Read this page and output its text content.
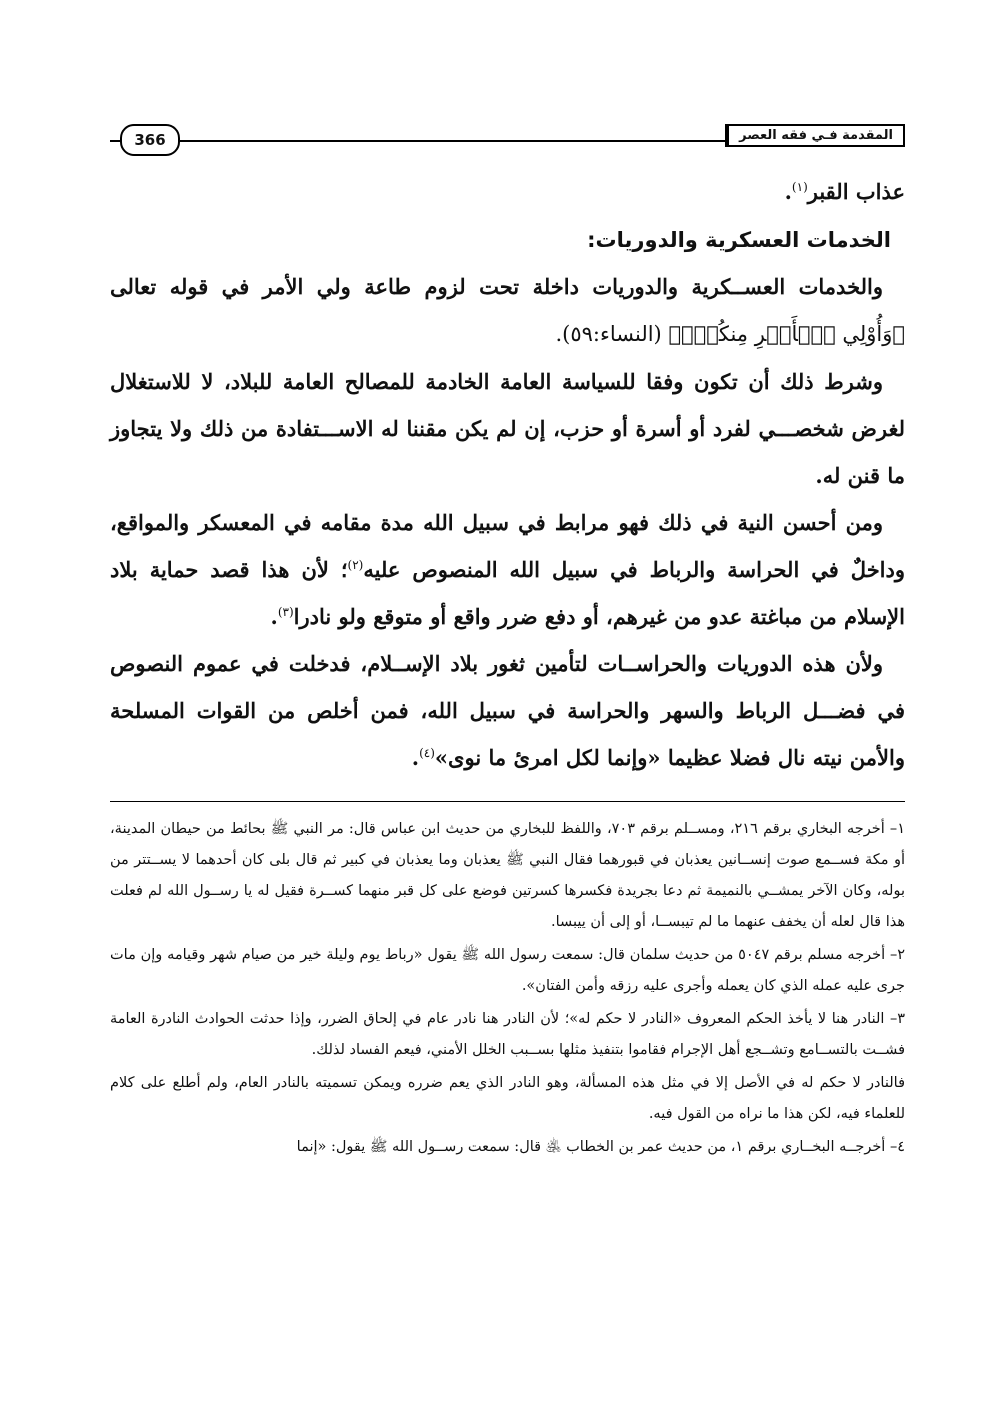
المقدمة فـي فقه العصر
366

عذاب القبر$^{(١)}$.

الخدمات العسكرية والدوريات:

والخدمات العســكرية والدوريات داخلة تحت لزوم طاعة ولي الأمر في قوله تعالى ﴿وَأُوْلِي ٱلۡأَمۡرِ مِنكُمۡۖ﴾ (النساء:٥٩).

وشرط ذلك أن تكون وفقا للسياسة العامة الخادمة للمصالح العامة للبلاد، لا للاستغلال لغرض شخصـــي لفرد أو أسرة أو حزب، إن لم يكن مقننا له الاســـتفادة من ذلك ولا يتجاوز ما قنن له.

ومن أحسن النية في ذلك فهو مرابط في سبيل الله مدة مقامه في المعسكر والمواقع، وداخلٌ في الحراسة والرباط في سبيل الله المنصوص عليه$^{(٢)}$؛ لأن هذا قصد حماية بلاد الإسلام من مباغتة عدو من غيرهم، أو دفع ضرر واقع أو متوقع ولو نادرا$^{(٣)}$.

ولأن هذه الدوريات والحراســات لتأمين ثغور بلاد الإســلام، فدخلت في عموم النصوص في فضـــل الرباط والسهر والحراسة في سبيل الله، فمن أخلص من القوات المسلحة والأمن نيته نال فضلا عظيما «وإنما لكل امرئ ما نوى»$^{(٤)}$.

١– أخرجه البخاري برقم ٢١٦، ومســلم برقم ٧٠٣، واللفظ للبخاري من حديث ابن عباس قال: مر النبي ﷺ بحائط من حيطان المدينة، أو مكة فســمع صوت إنســانين يعذبان في قبورهما فقال النبي ﷺ يعذبان وما يعذبان في كبير ثم قال بلى كان أحدهما لا يســتتر من بوله، وكان الآخر يمشــي بالنميمة ثم دعا بجريدة فكسرها كسرتين فوضع على كل قبر منهما كســرة فقيل له يا رســول الله لم فعلت هذا قال لعله أن يخفف عنهما ما لم تيبســا، أو إلى أن ييبسا.

٢– أخرجه مسلم برقم ٥٠٤٧ من حديث سلمان قال: سمعت رسول الله ﷺ يقول «رباط يوم وليلة خير من صيام شهر وقيامه وإن مات جرى عليه عمله الذي كان يعمله وأجرى عليه رزقه وأمن الفتان».

٣– النادر هنا لا يأخذ الحكم المعروف «النادر لا حكم له»؛ لأن النادر هنا نادر عام في إلحاق الضرر، وإذا حدثت الحوادث النادرة العامة فشــت بالتســامع وتشــجع أهل الإجرام فقاموا بتنفيذ مثلها بســبب الخلل الأمني، فيعم الفساد لذلك.

فالنادر لا حكم له في الأصل إلا في مثل هذه المسألة، وهو النادر الذي يعم ضرره ويمكن تسميته بالنادر العام، ولم أطلع على كلام للعلماء فيه، لكن هذا ما نراه من القول فيه.

٤– أخرجــه البخــاري برقم ١، من حديث عمر بن الخطاب ﵁ قال: سمعت رســول الله ﷺ يقول: «إنما
